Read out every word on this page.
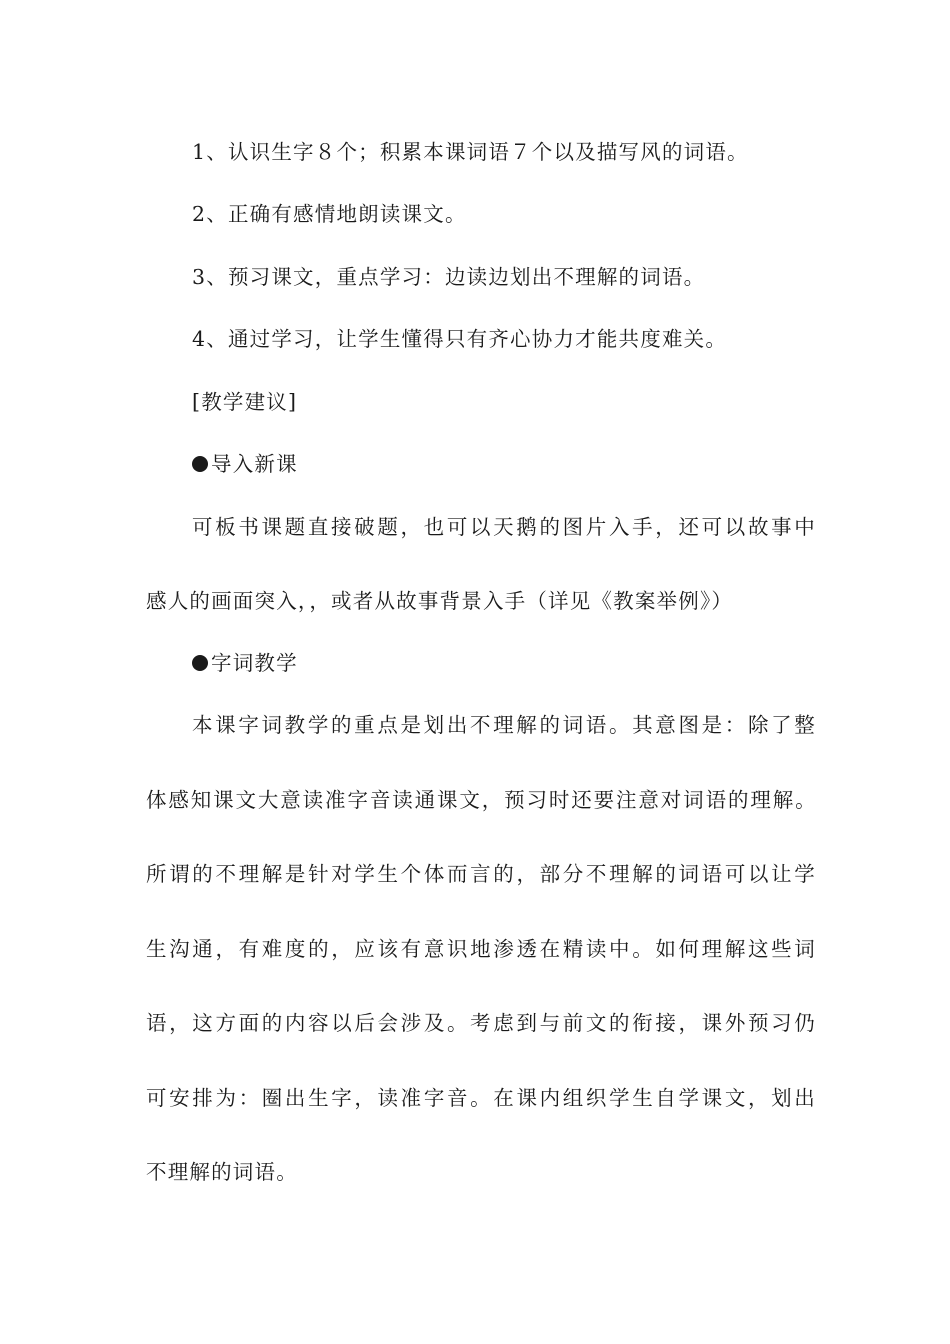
1、认识生字８个；积累本课词语７个以及描写风的词语。
2、正确有感情地朗读课文。
3、预习课文，重点学习：边读边划出不理解的词语。
4、通过学习，让学生懂得只有齐心协力才能共度难关。
[教学建议]
导入新课
可板书课题直接破题，也可以天鹅的图片入手，还可以故事中
感人的画面突入，，或者从故事背景入手（详见《教案举例》）
字词教学
本课字词教学的重点是划出不理解的词语。其意图是：除了整
体感知课文大意读准字音读通课文，预习时还要注意对词语的理解。
所谓的不理解是针对学生个体而言的，部分不理解的词语可以让学
生沟通，有难度的，应该有意识地渗透在精读中。如何理解这些词
语，这方面的内容以后会涉及。考虑到与前文的衔接，课外预习仍
可安排为：圈出生字，读准字音。在课内组织学生自学课文，划出
不理解的词语。
